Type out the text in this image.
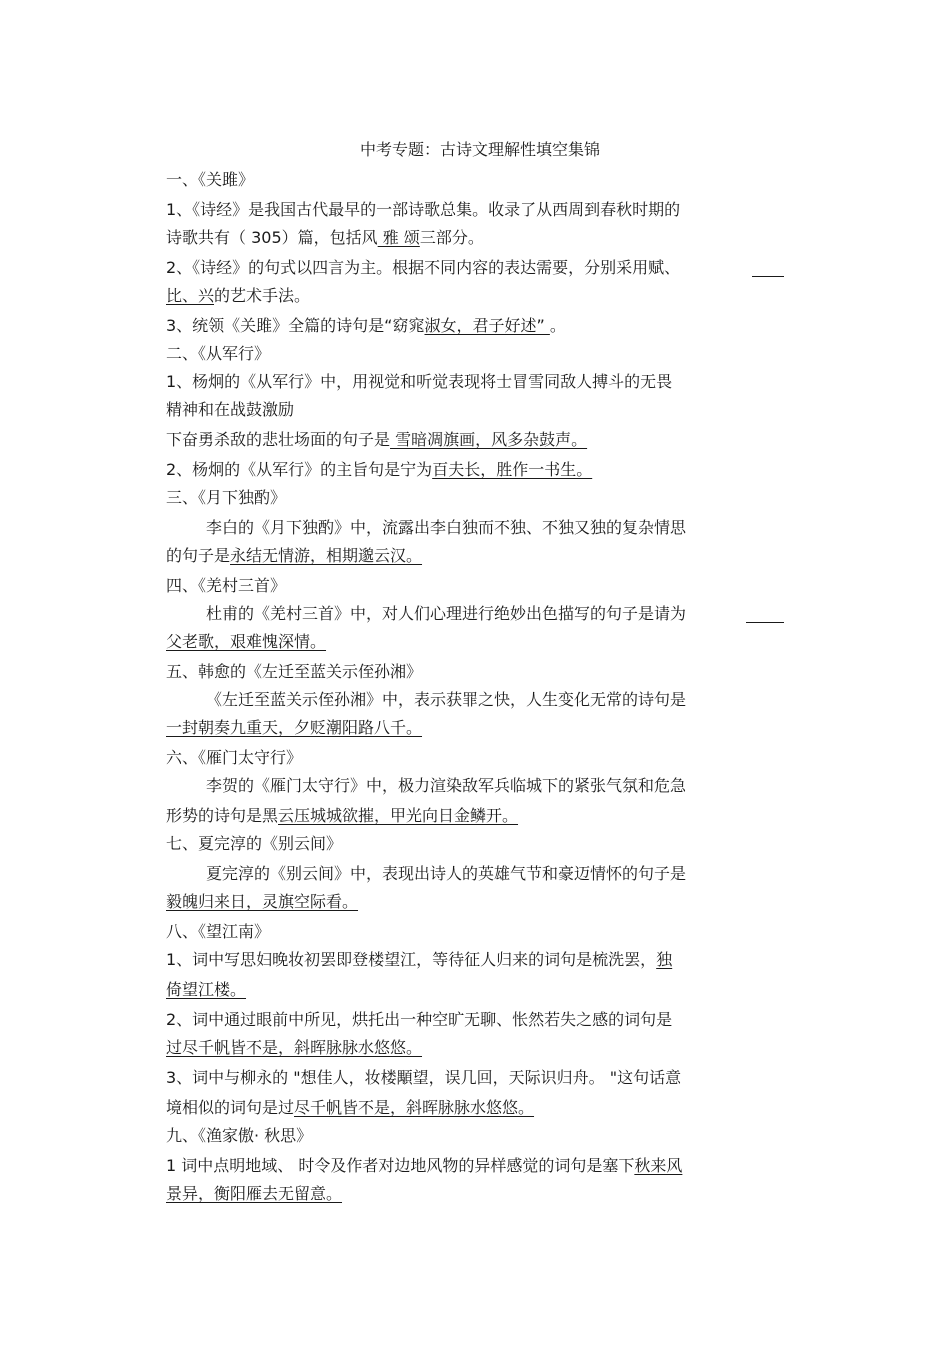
中考专题：古诗文理解性填空集锦
一、《关雎》
1、《诗经》是我国古代最早的一部诗歌总集。收录了从西周到春秋时期的
诗歌共有（ 305）篇，包括风 雅 颂三部分。
2、《诗经》的句式以四言为主。根据不同内容的表达需要，分别采用赋、
比、兴的艺术手法。
3、统领《关雎》全篇的诗句是“窈窕淑女，君子好述” 。
二、《从军行》
1、杨炯的《从军行》中，用视觉和听觉表现将士冒雪同敌人搏斗的无畏
精神和在战鼓激励
下奋勇杀敌的悲壮场面的句子是 雪暗凋旗画，风多杂鼓声。
2、杨炯的《从军行》的主旨句是宁为百夫长，胜作一书生。
三、《月下独酌》
李白的《月下独酌》中，流露出李白独而不独、不独又独的复杂情思
的句子是永结无情游，相期邈云汉。
四、《羌村三首》
杜甫的《羌村三首》中，对人们心理进行绝妙出色描写的句子是请为
父老歌，艰难愧深情。
五、韩愈的《左迁至蓝关示侄孙湘》
《左迁至蓝关示侄孙湘》中，表示获罪之快，人生变化无常的诗句是
一封朝奏九重天，夕贬潮阳路八千。
六、《雁门太守行》
李贺的《雁门太守行》中，极力渲染敌军兵临城下的紧张气氛和危急
形势的诗句是黑云压城城欲摧，甲光向日金鳞开。
七、夏完淳的《别云间》
夏完淳的《别云间》中，表现出诗人的英雄气节和豪迈情怀的句子是
毅魄归来日，灵旗空际看。
八、《望江南》
1、词中写思妇晚妆初罢即登楼望江，等待征人归来的词句是梳洗罢，独
倚望江楼。
2、词中通过眼前中所见，烘托出一种空旷无聊、怅然若失之感的词句是
过尽千帆皆不是，斜晖脉脉水悠悠。
3、词中与柳永的 "想佳人，妆楼顒望，误几回，天际识归舟。 "这句话意
境相似的词句是过尽千帆皆不是，斜晖脉脉水悠悠。
九、《渔家傲· 秋思》
1 词中点明地域、 时令及作者对边地风物的异样感觉的词句是塞下秋来风
景异，衡阳雁去无留意。
